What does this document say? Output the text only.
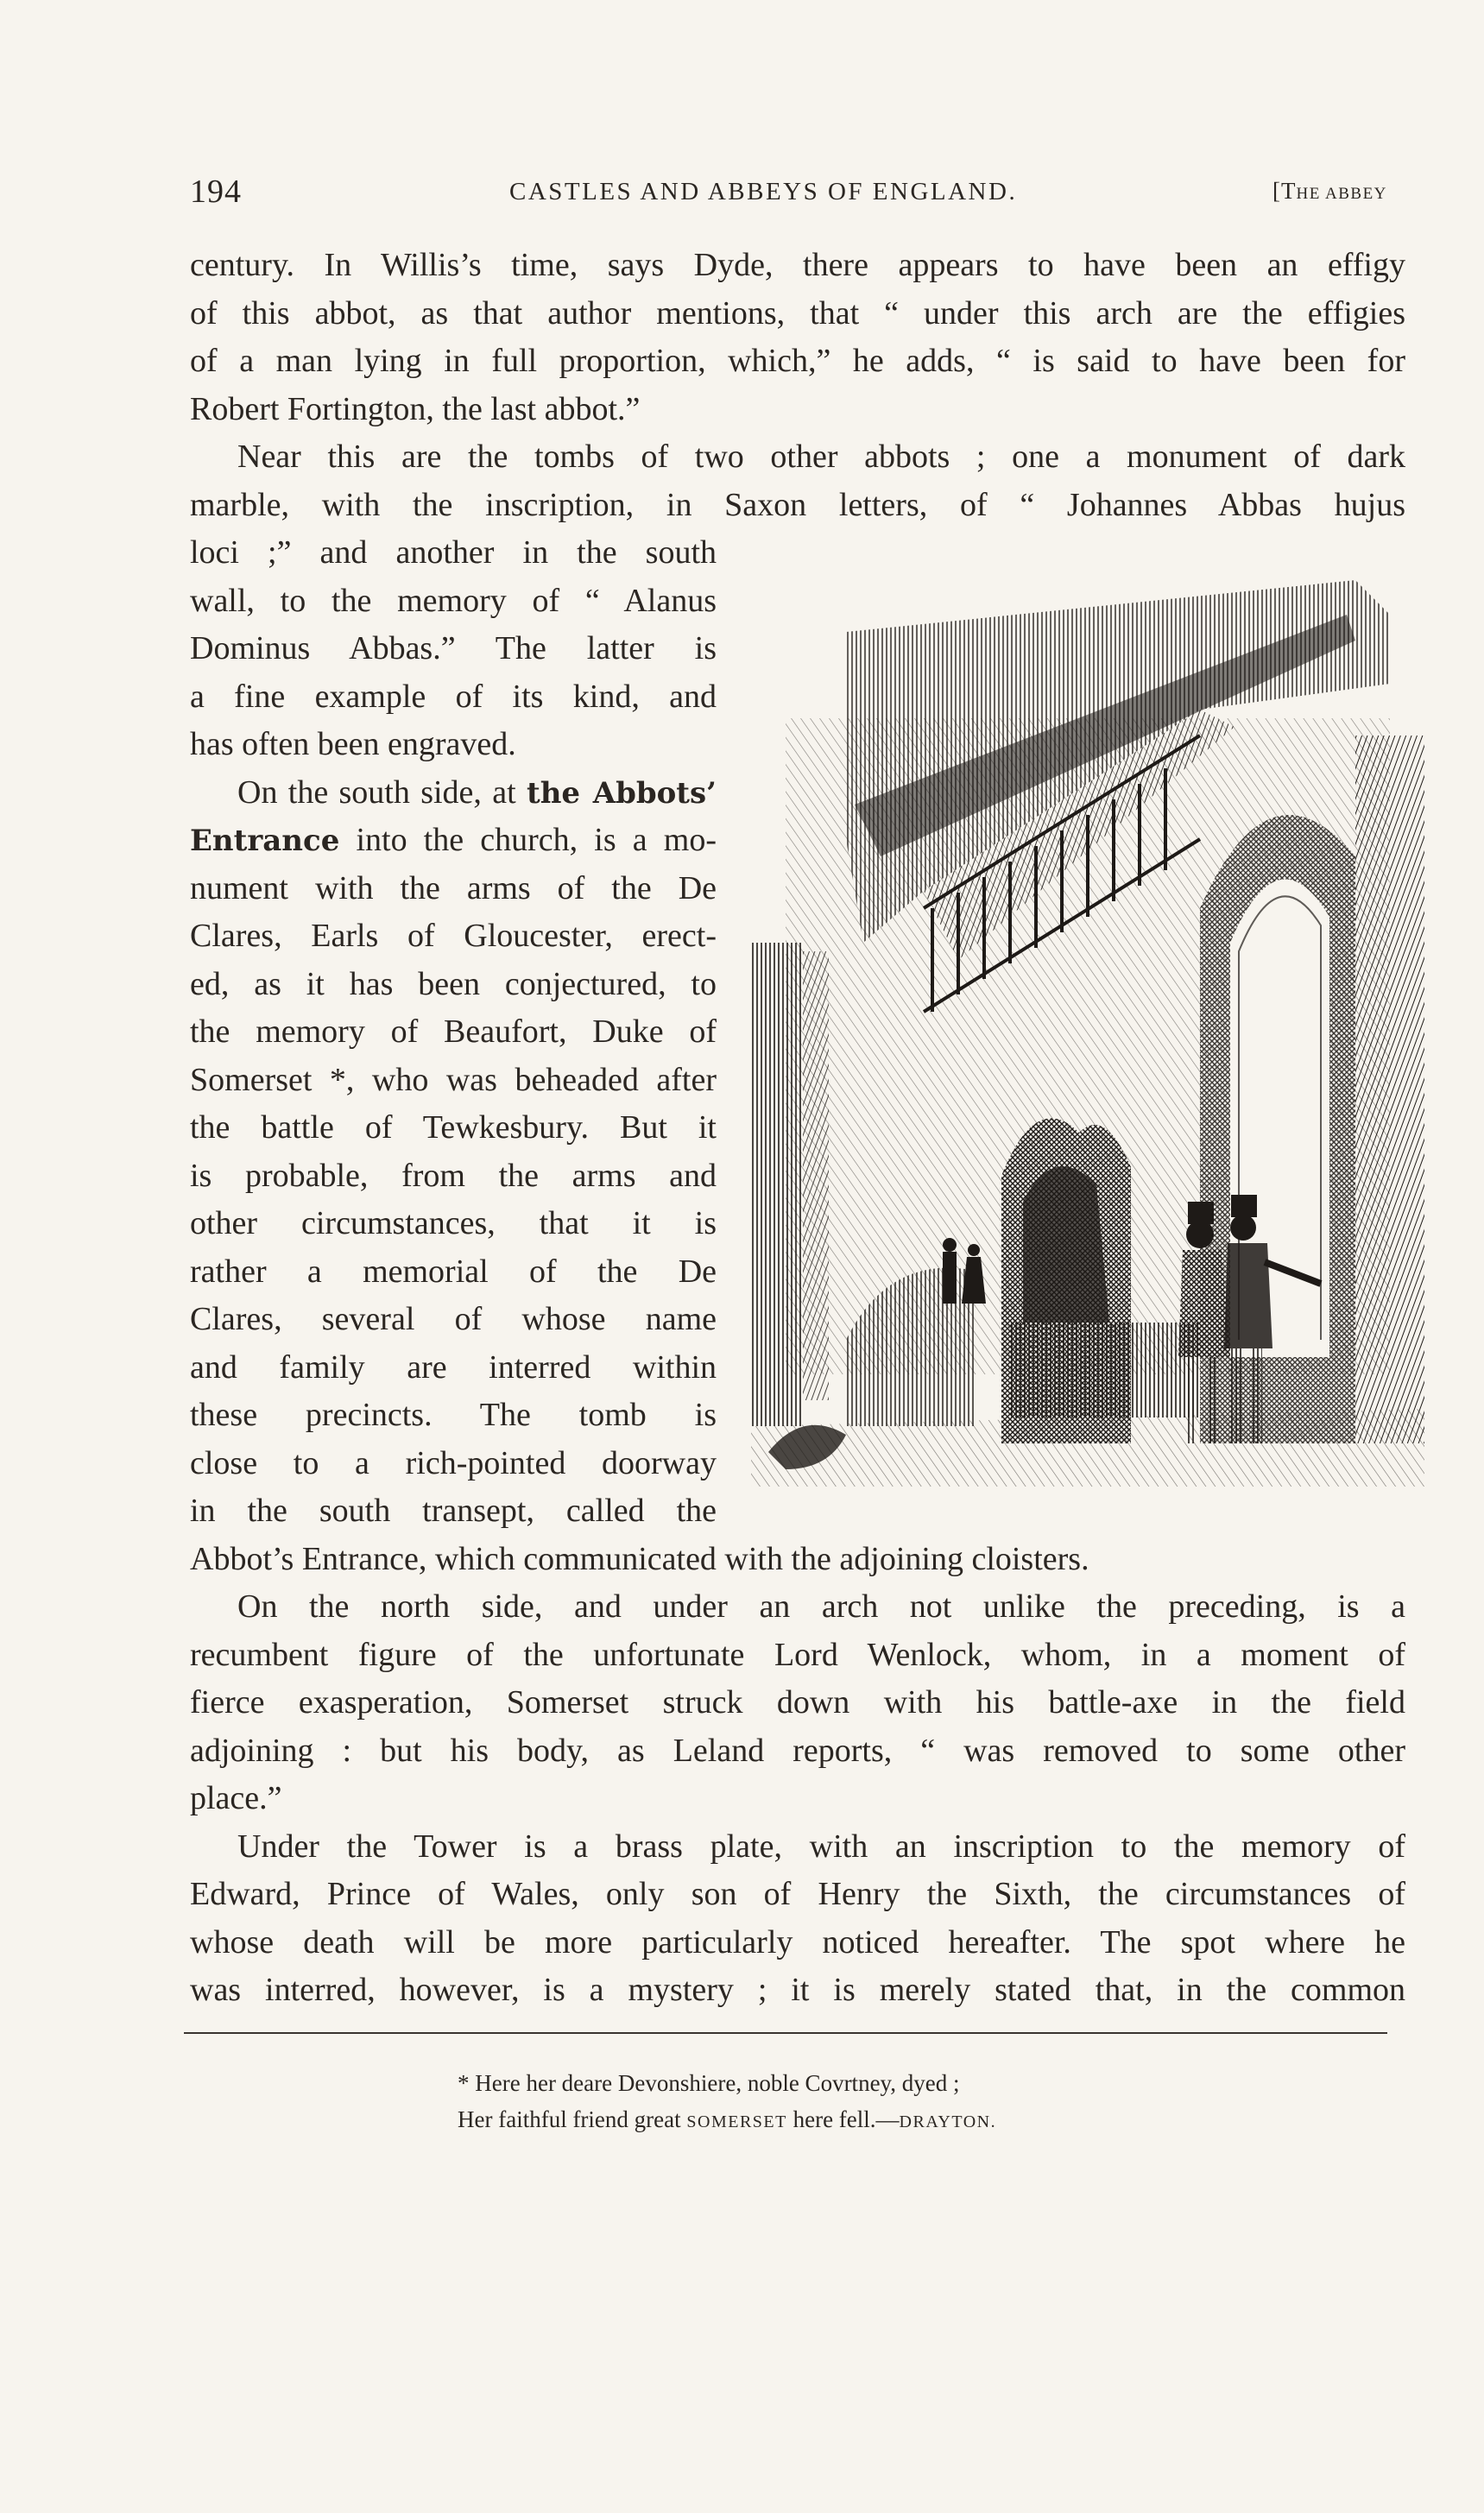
194	CASTLES AND ABBEYS OF ENGLAND.	[THE ABBEY
century. In Willis’s time, says Dyde, there appears to have been an effigy
of this abbot, as that author mentions, that “ under this arch are the effigies
of a man lying in full proportion, which,” he adds, “ is said to have been for
Robert Fortington, the last abbot.”
Near this are the tombs of two other abbots ; one a monument of dark
marble, with the inscription, in Saxon letters, of “ Johannes Abbas hujus
loci ;” and another in the south
wall, to the memory of “ Alanus
Dominus Abbas.” The latter is
a fine example of its kind, and
has often been engraved.
On the south side, at the Abbots’
Entrance into the church, is a mo-
nument with the arms of the De
Clares, Earls of Gloucester, erect-
ed, as it has been conjectured, to
the memory of Beaufort, Duke of
Somerset *, who was beheaded after
the battle of Tewkesbury. But it
is probable, from the arms and
other circumstances, that it is
rather a memorial of the De
Clares, several of whose name
and family are interred within
these precincts. The tomb is
close to a rich-pointed doorway
in the south transept, called the
Abbot’s Entrance, which communicated with the adjoining cloisters.
On the north side, and under an arch not unlike the preceding, is a
recumbent figure of the unfortunate Lord Wenlock, whom, in a moment of
fierce exasperation, Somerset struck down with his battle-axe in the field
adjoining : but his body, as Leland reports, “ was removed to some other
place.”
Under the Tower is a brass plate, with an inscription to the memory of
Edward, Prince of Wales, only son of Henry the Sixth, the circumstances of
whose death will be more particularly noticed hereafter. The spot where he
was interred, however, is a mystery ; it is merely stated that, in the common
* Here her deare Devonshiere, noble Covrtney, dyed ;
Her faithful friend great SOMERSET here fell.—DRAYTON.
